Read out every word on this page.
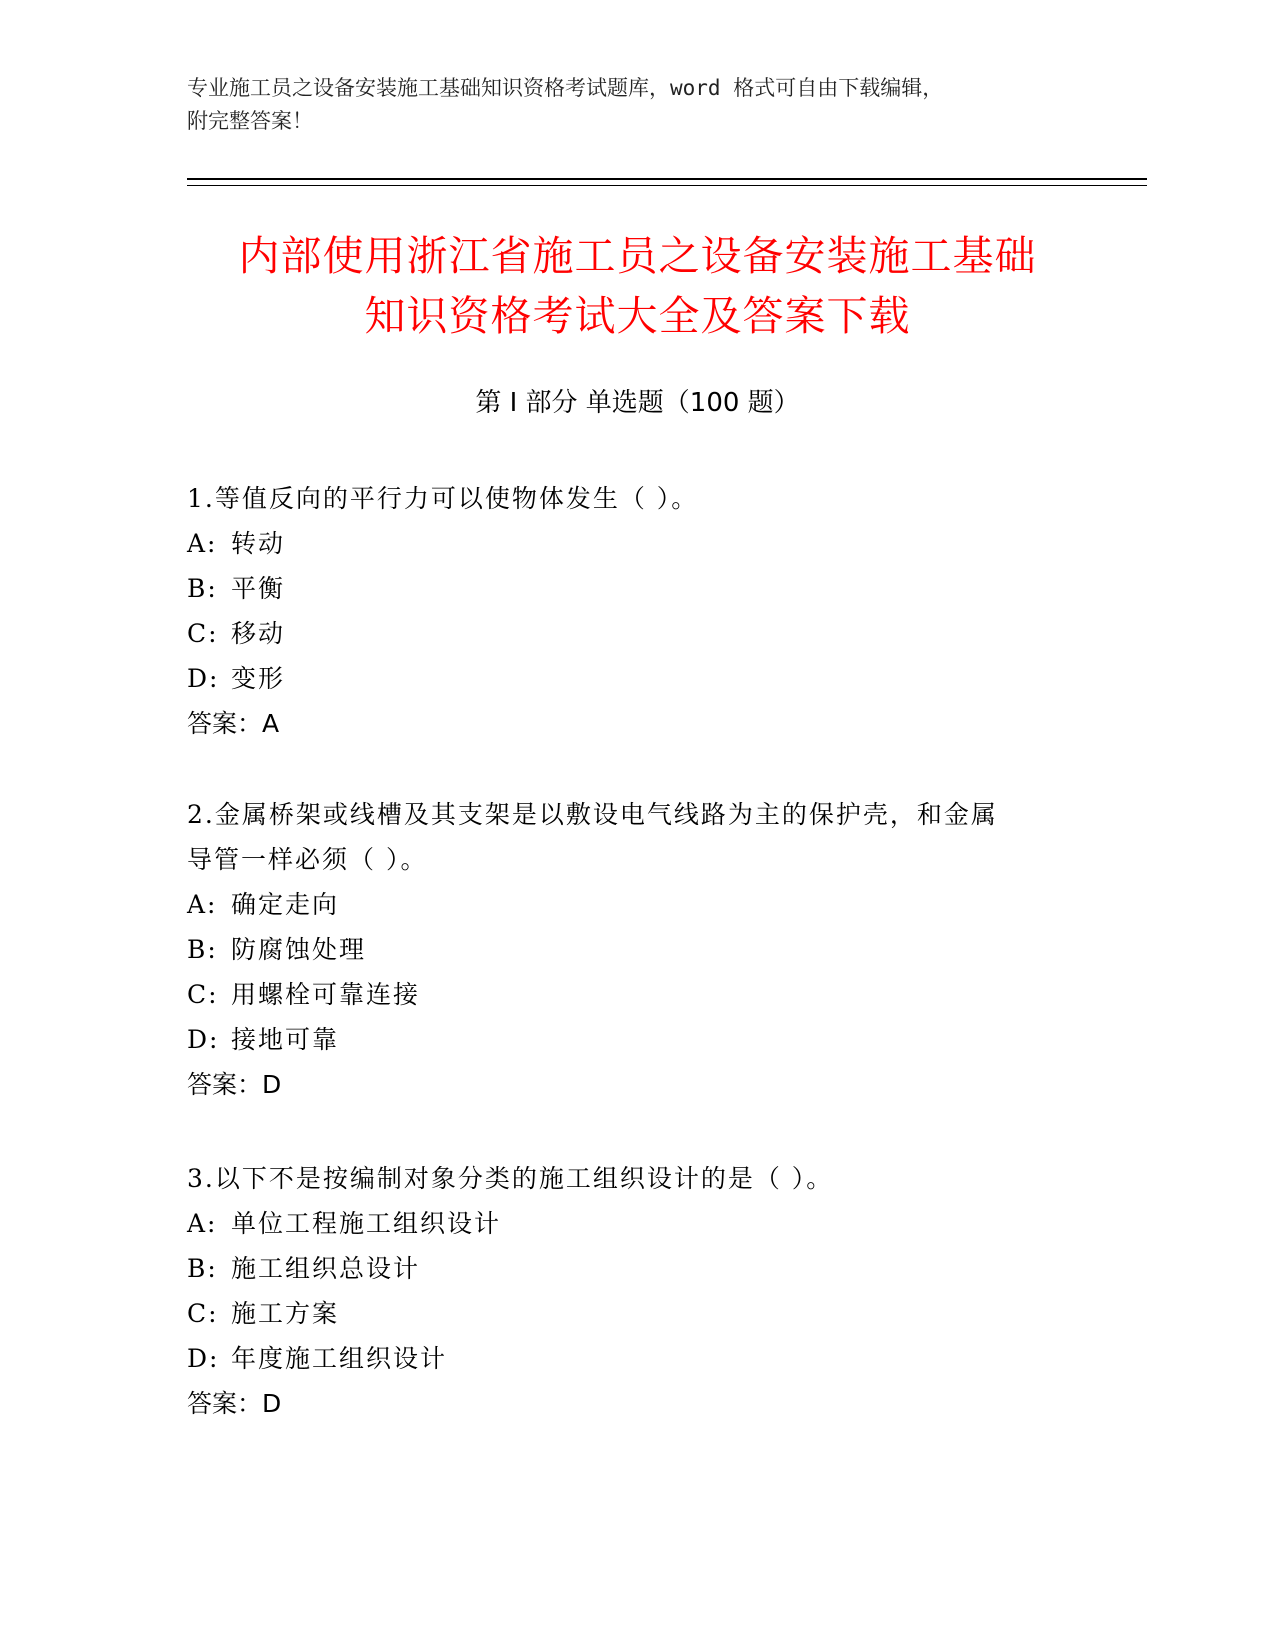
专业施工员之设备安装施工基础知识资格考试题库，word 格式可自由下载编辑，
附完整答案！
内部使用浙江省施工员之设备安装施工基础
知识资格考试大全及答案下载
第 I 部分 单选题（100 题）

1.等值反向的平行力可以使物体发生（ ）。

A: 转动

B: 平衡

C: 移动

D: 变形

答案：A

2.金属桥架或线槽及其支架是以敷设电气线路为主的保护壳，和金属

导管一样必须（ ）。

A: 确定走向

B: 防腐蚀处理

C: 用螺栓可靠连接

D: 接地可靠

答案：D

3.以下不是按编制对象分类的施工组织设计的是（ ）。

A: 单位工程施工组织设计

B: 施工组织总设计

C: 施工方案

D: 年度施工组织设计

答案：D
